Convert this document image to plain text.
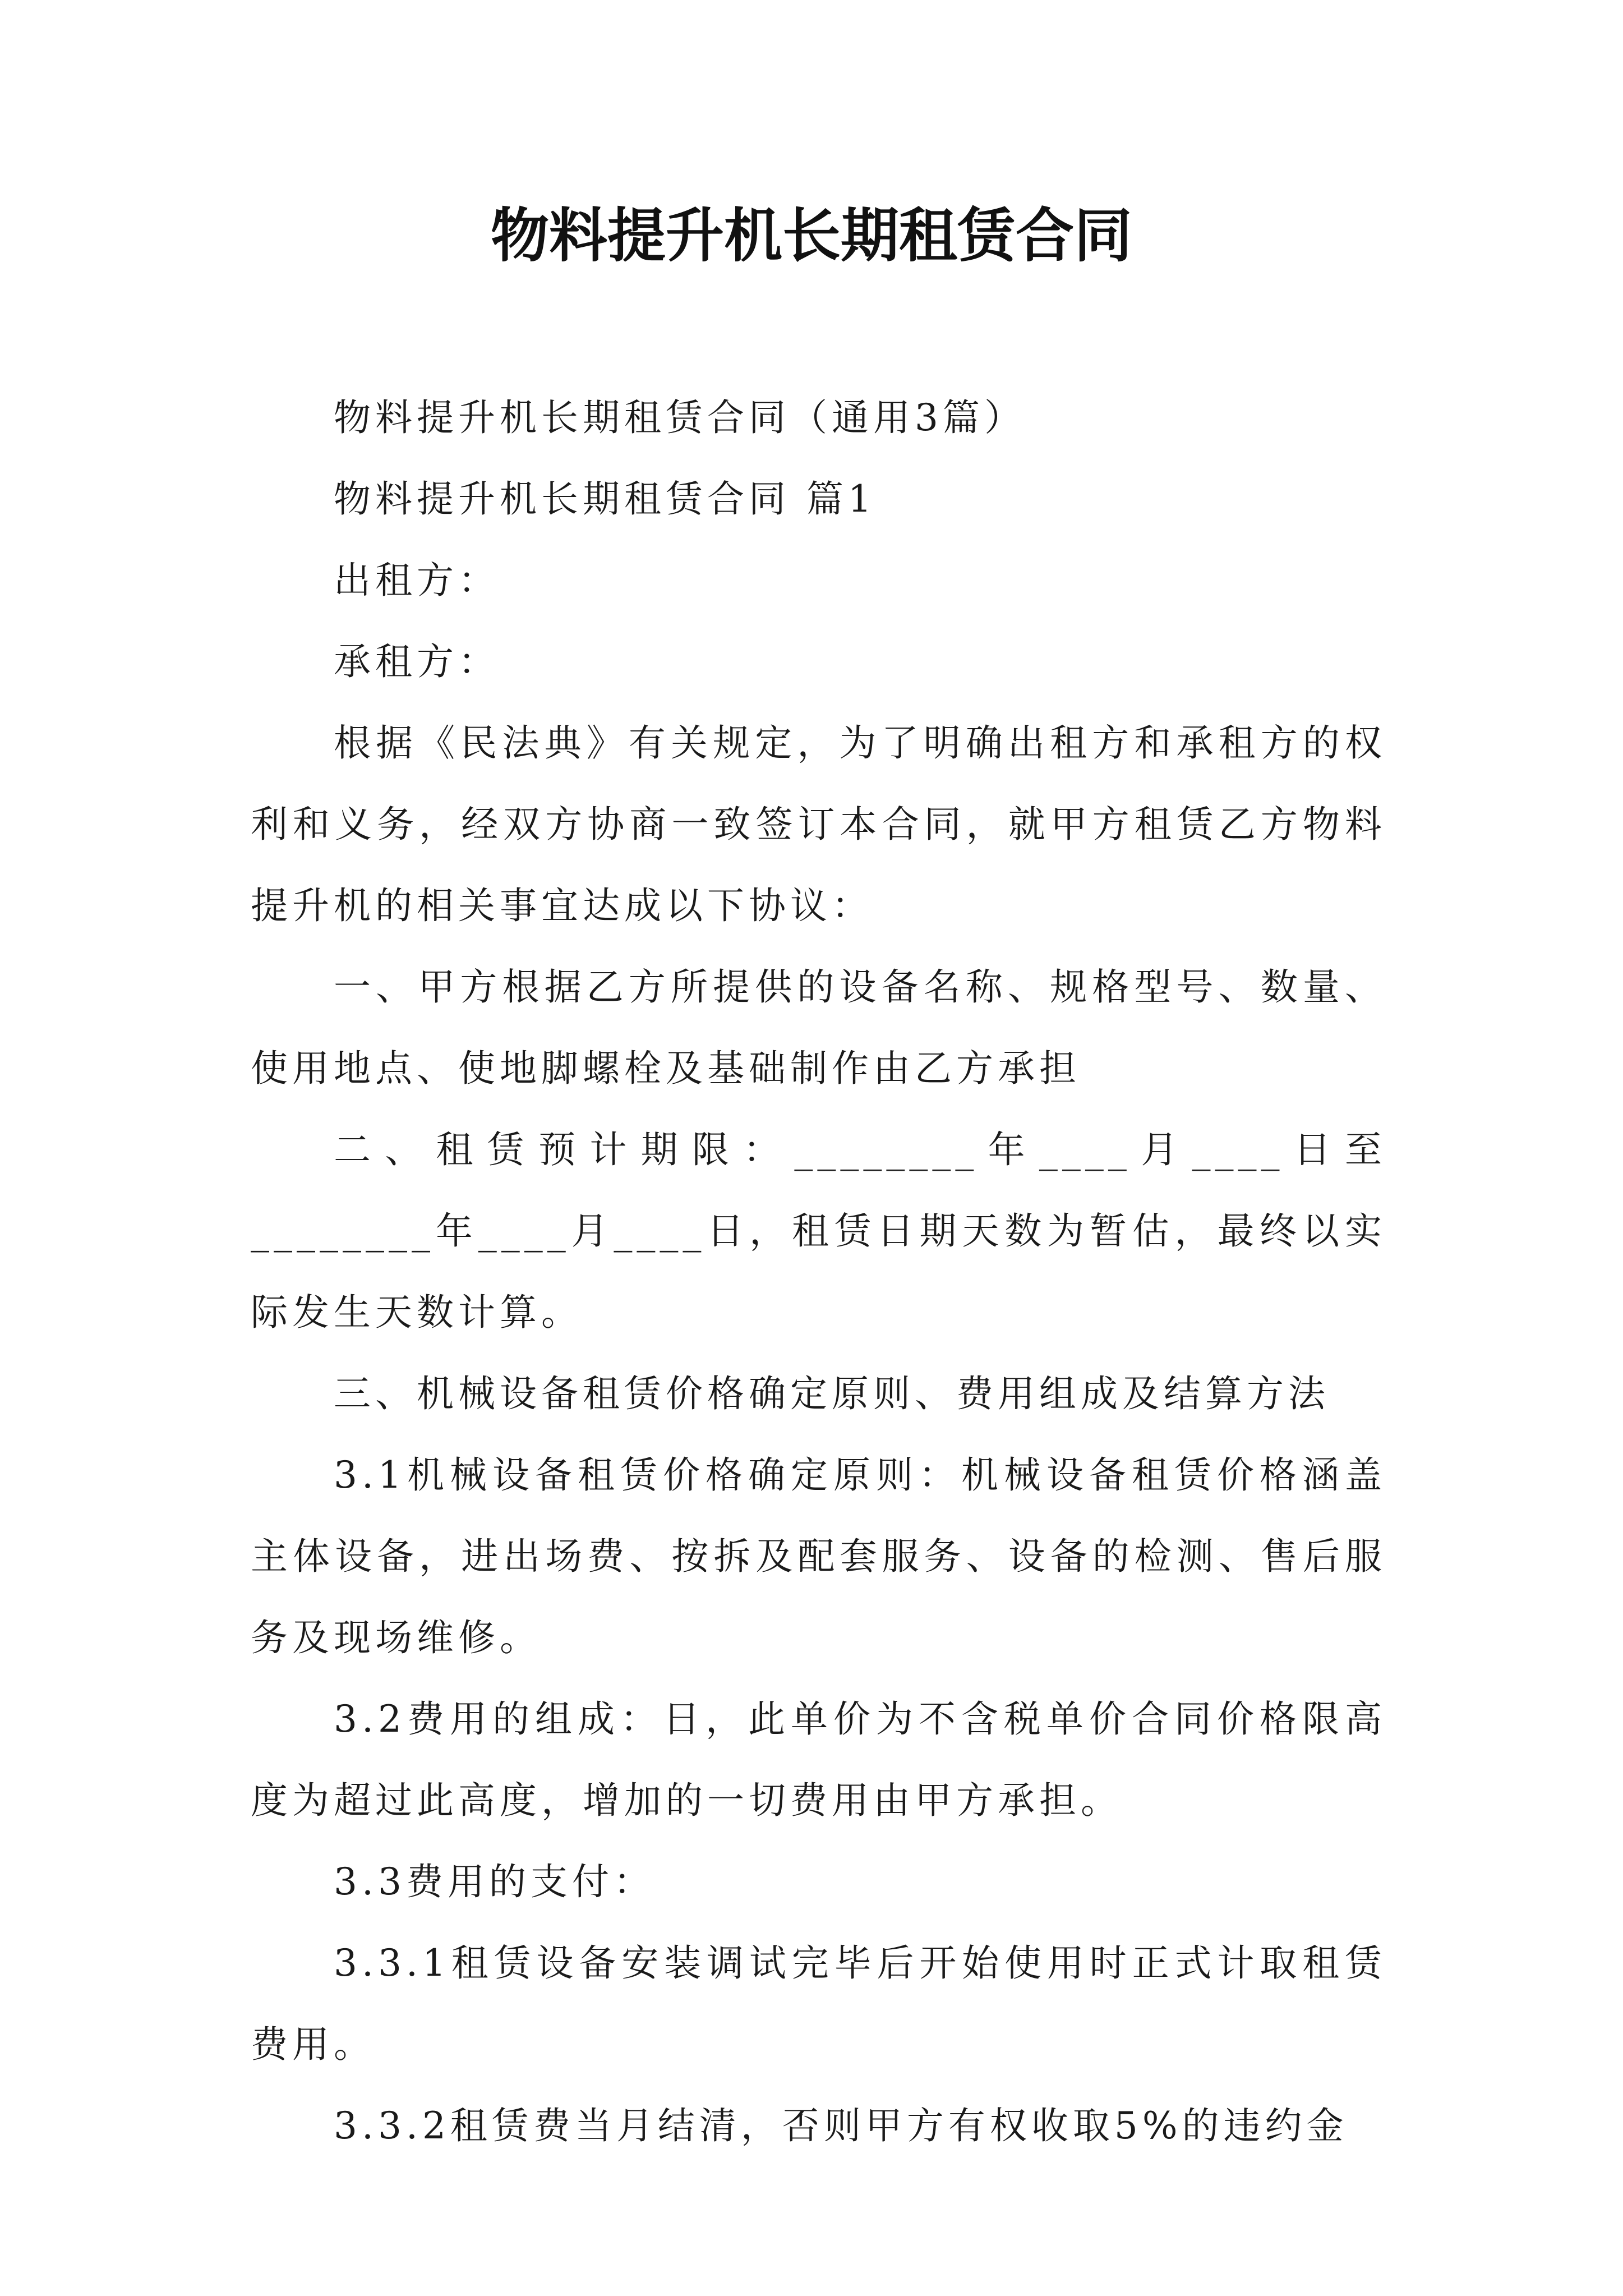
物料提升机长期租赁合同

物料提升机长期租赁合同（通用3篇）

物料提升机长期租赁合同 篇1

出租方：

承租方：

根据《民法典》有关规定，为了明确出租方和承租方的权利和义务，经双方协商一致签订本合同，就甲方租赁乙方物料提升机的相关事宜达成以下协议：

一、甲方根据乙方所提供的设备名称、规格型号、数量、使用地点、使地脚螺栓及基础制作由乙方承担

二、租赁预计期限：________年____月____日至________年____月____日，租赁日期天数为暂估，最终以实际发生天数计算。

三、机械设备租赁价格确定原则、费用组成及结算方法

3.1机械设备租赁价格确定原则：机械设备租赁价格涵盖主体设备，进出场费、按拆及配套服务、设备的检测、售后服务及现场维修。

3.2费用的组成：日，此单价为不含税单价合同价格限高度为超过此高度，增加的一切费用由甲方承担。

3.3费用的支付：

3.3.1租赁设备安装调试完毕后开始使用时正式计取租赁费用。

3.3.2租赁费当月结清，否则甲方有权收取5%的违约金
